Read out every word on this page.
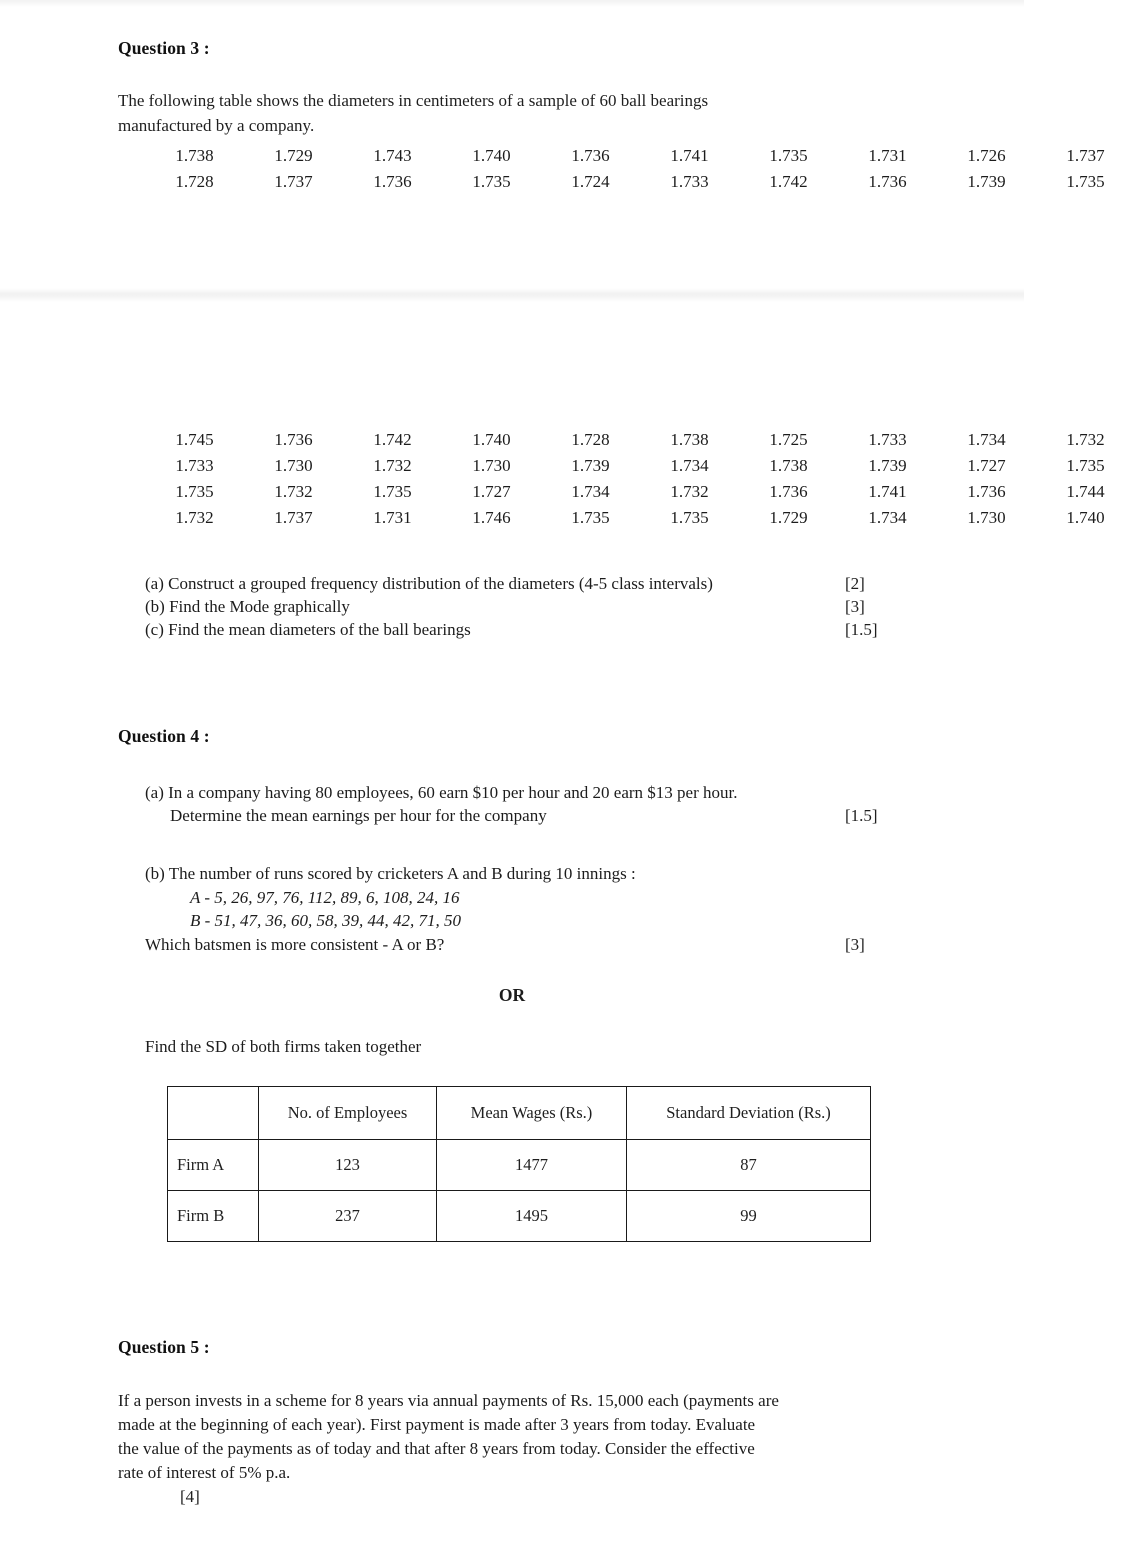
Question 3 :
The following table shows the diameters in centimeters of a sample of 60 ball bearings
manufactured by a company.
1.738	1.729	1.743	1.740	1.736	1.741	1.735	1.731	1.726	1.737
1.728	1.737	1.736	1.735	1.724	1.733	1.742	1.736	1.739	1.735
1.745	1.736	1.742	1.740	1.728	1.738	1.725	1.733	1.734	1.732
1.733	1.730	1.732	1.730	1.739	1.734	1.738	1.739	1.727	1.735
1.735	1.732	1.735	1.727	1.734	1.732	1.736	1.741	1.736	1.744
1.732	1.737	1.731	1.746	1.735	1.735	1.729	1.734	1.730	1.740
(a) Construct a grouped frequency distribution of the diameters (4-5 class intervals)	[2]
(b) Find the Mode graphically	[3]
(c) Find the mean diameters of the ball bearings	[1.5]
Question 4 :
(a) In a company having 80 employees, 60 earn $10 per hour and 20 earn $13 per hour.
Determine the mean earnings per hour for the company	[1.5]
(b) The number of runs scored by cricketers A and B during 10 innings :
A - 5, 26, 97, 76, 112, 89, 6, 108, 24, 16
B - 51, 47, 36, 60, 58, 39, 44, 42, 71, 50
Which batsmen is more consistent - A or B?	[3]
OR
Find the SD of both firms taken together
	No. of Employees	Mean Wages (Rs.)	Standard Deviation (Rs.)
Firm A	123	1477	87
Firm B	237	1495	99
Question 5 :
If a person invests in a scheme for 8 years via annual payments of Rs. 15,000 each (payments are
made at the beginning of each year). First payment is made after 3 years from today. Evaluate
the value of the payments as of today and that after 8 years from today. Consider the effective
rate of interest of 5% p.a.
[4]
